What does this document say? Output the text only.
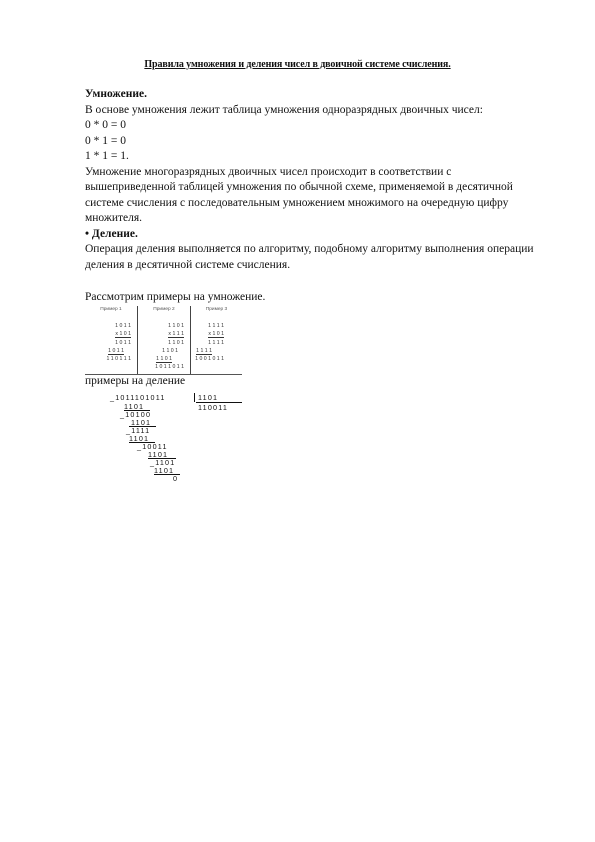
Правила умножения и деления чисел в двоичной системе счисления.
Умножение.

В основе умножения лежит таблица умножения одноразрядных двоичных чисел:

0 * 0 = 0
0 * 1 = 0
1 * 1 = 1.

Умножение многоразрядных двоичных чисел происходит в соответствии с вышеприведенной таблицей умножения по обычной схеме, применяемой в десятичной системе счисления с последовательным умножением множимого на очередную цифру множителя.

• Деление.

Операция деления выполняется по алгоритму, подобному алгоритму выполнения операции деления в десятичной системе счисления.

Рассмотрим примеры на умножение.
Пример 1
1 0 1 1
x 1 0 1
1 0 1 1
1 0 1 1
1 1 0 1 1 1
Пример 2
1 1 0 1
x 1 1 1
1 1 0 1
1 1 0 1
1 1 0 1
1 0 1 1 0 1 1
Пример 3
1 1 1 1
x 1 0 1
1 1 1 1
1 1 1 1
1 0 0 1 0 1 1
примеры на деление
_1011101011	1101
110011
1101
_10100
1101
_1111
1101
_10011
1101
_1101
1101
0
